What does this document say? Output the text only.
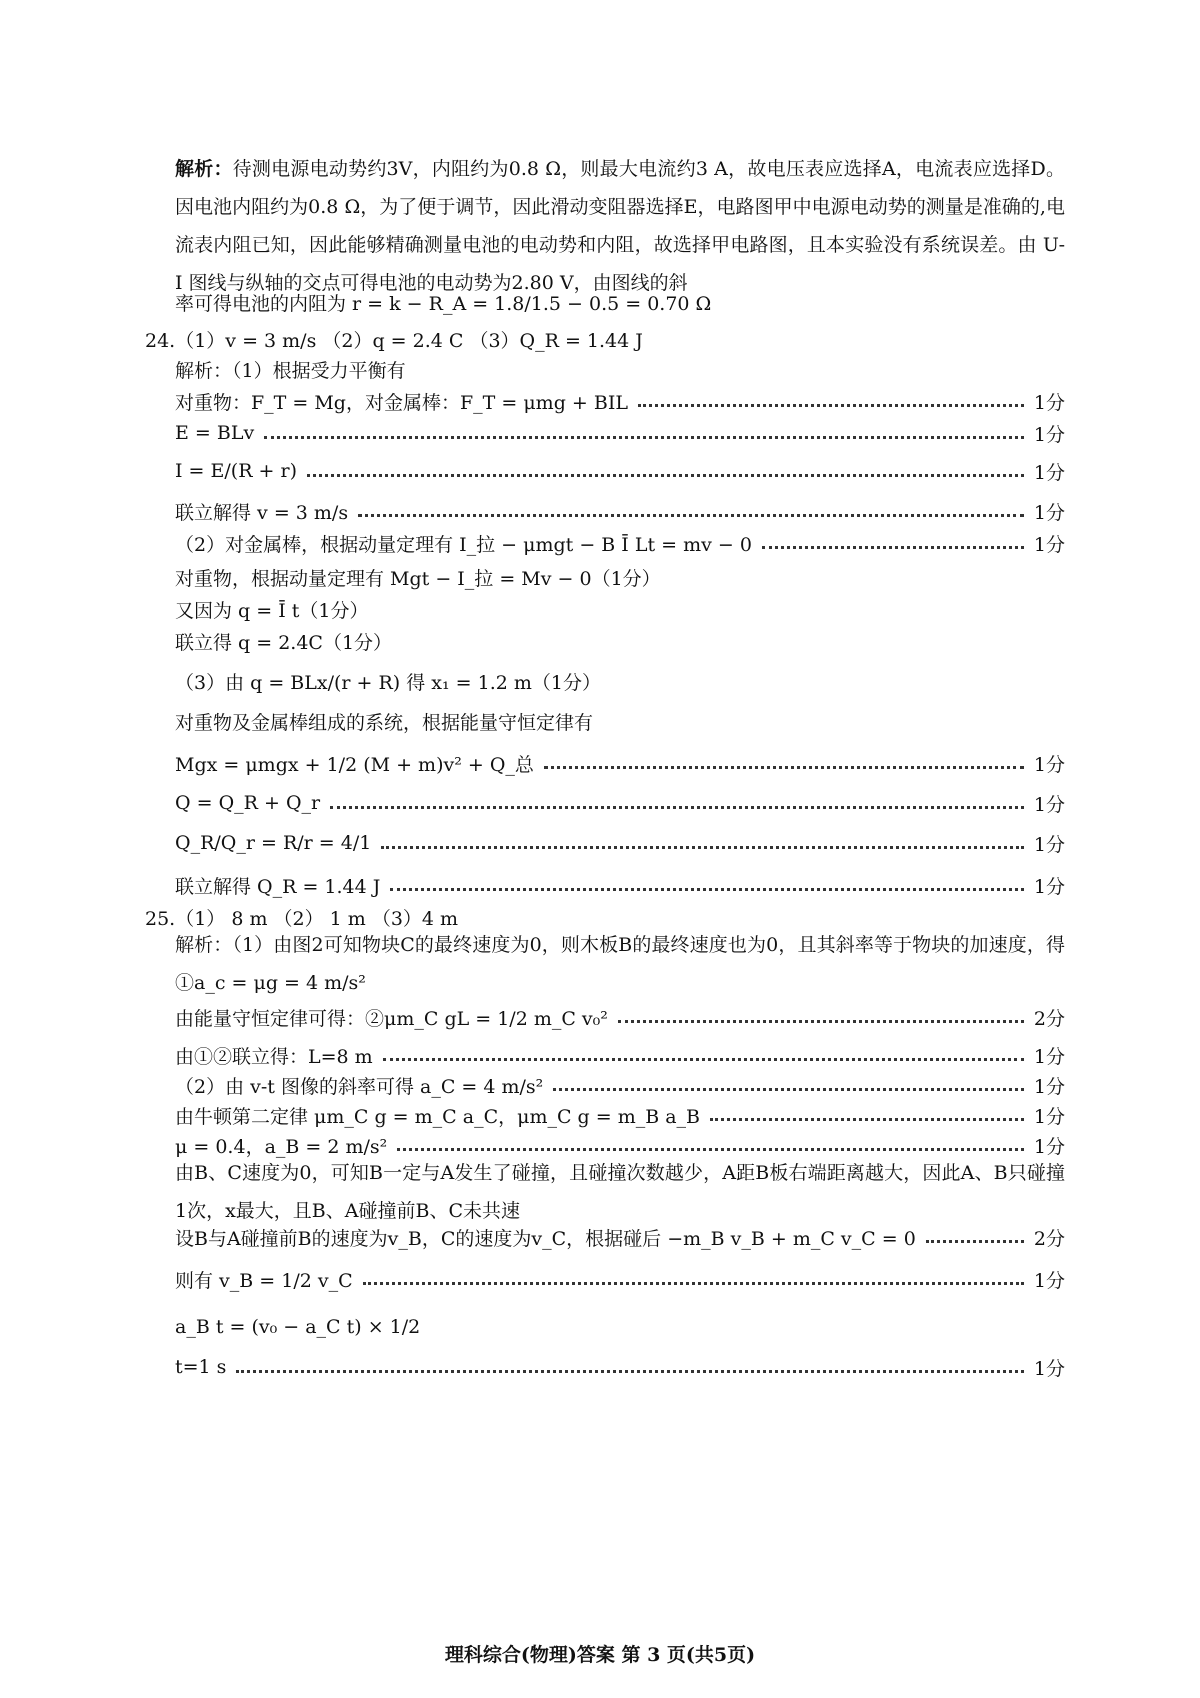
解析：待测电源电动势约3V，内阻约为0.8 Ω，则最大电流约3 A，故电压表应选择A，电流表应选择D。因电池内阻约为0.8 Ω，为了便于调节，因此滑动变阻器选择E，电路图甲中电源电动势的测量是准确的,电流表内阻已知，因此能够精确测量电池的电动势和内阻，故选择甲电路图，且本实验没有系统误差。由 U-I 图线与纵轴的交点可得电池的电动势为2.80 V，由图线的斜

率可得电池的内阻为 r = k − R_A = 1.8/1.5 − 0.5 = 0.70 Ω
24.（1）v = 3 m/s （2）q = 2.4 C （3）Q_R = 1.44 J
解析：（1）根据受力平衡有
对重物：F_T = Mg，对金属棒：F_T = μmg + BIL	1分
E = BLv	1分
I = E/(R + r)	1分
联立解得 v = 3 m/s	1分
（2）对金属棒，根据动量定理有 I_拉 − μmgt − B Ī Lt = mv − 0	1分
对重物，根据动量定理有 Mgt − I_拉 = Mv − 0（1分）
又因为 q = Ī t（1分）
联立得 q = 2.4C（1分）
（3）由 q = BLx/(r + R) 得 x₁ = 1.2 m（1分）
对重物及金属棒组成的系统，根据能量守恒定律有
Mgx = μmgx + 1/2 (M + m)v² + Q_总	1分
Q = Q_R + Q_r	1分
Q_R/Q_r = R/r = 4/1	1分
联立解得 Q_R = 1.44 J	1分
25.（1） 8 m （2） 1 m （3）4 m

解析：（1）由图2可知物块C的最终速度为0，则木板B的最终速度也为0，且其斜率等于物块的加速度，得①a_c = μg = 4 m/s²

由能量守恒定律可得：②μm_C gL = 1/2 m_C v₀²	2分
由①②联立得：L=8 m	1分
（2）由 v-t 图像的斜率可得 a_C = 4 m/s²	1分
由牛顿第二定律 μm_C g = m_C a_C，μm_C g = m_B a_B	1分
μ = 0.4，a_B = 2 m/s²	1分

由B、C速度为0，可知B一定与A发生了碰撞，且碰撞次数越少，A距B板右端距离越大，因此A、B只碰撞1次，x最大，且B、A碰撞前B、C未共速

设B与A碰撞前B的速度为v_B，C的速度为v_C，根据碰后 −m_B v_B + m_C v_C = 0	2分
则有 v_B = 1/2 v_C	1分
a_B t = (v₀ − a_C t) × 1/2
t=1 s	1分
理科综合(物理)答案 第 3 页(共5页)
